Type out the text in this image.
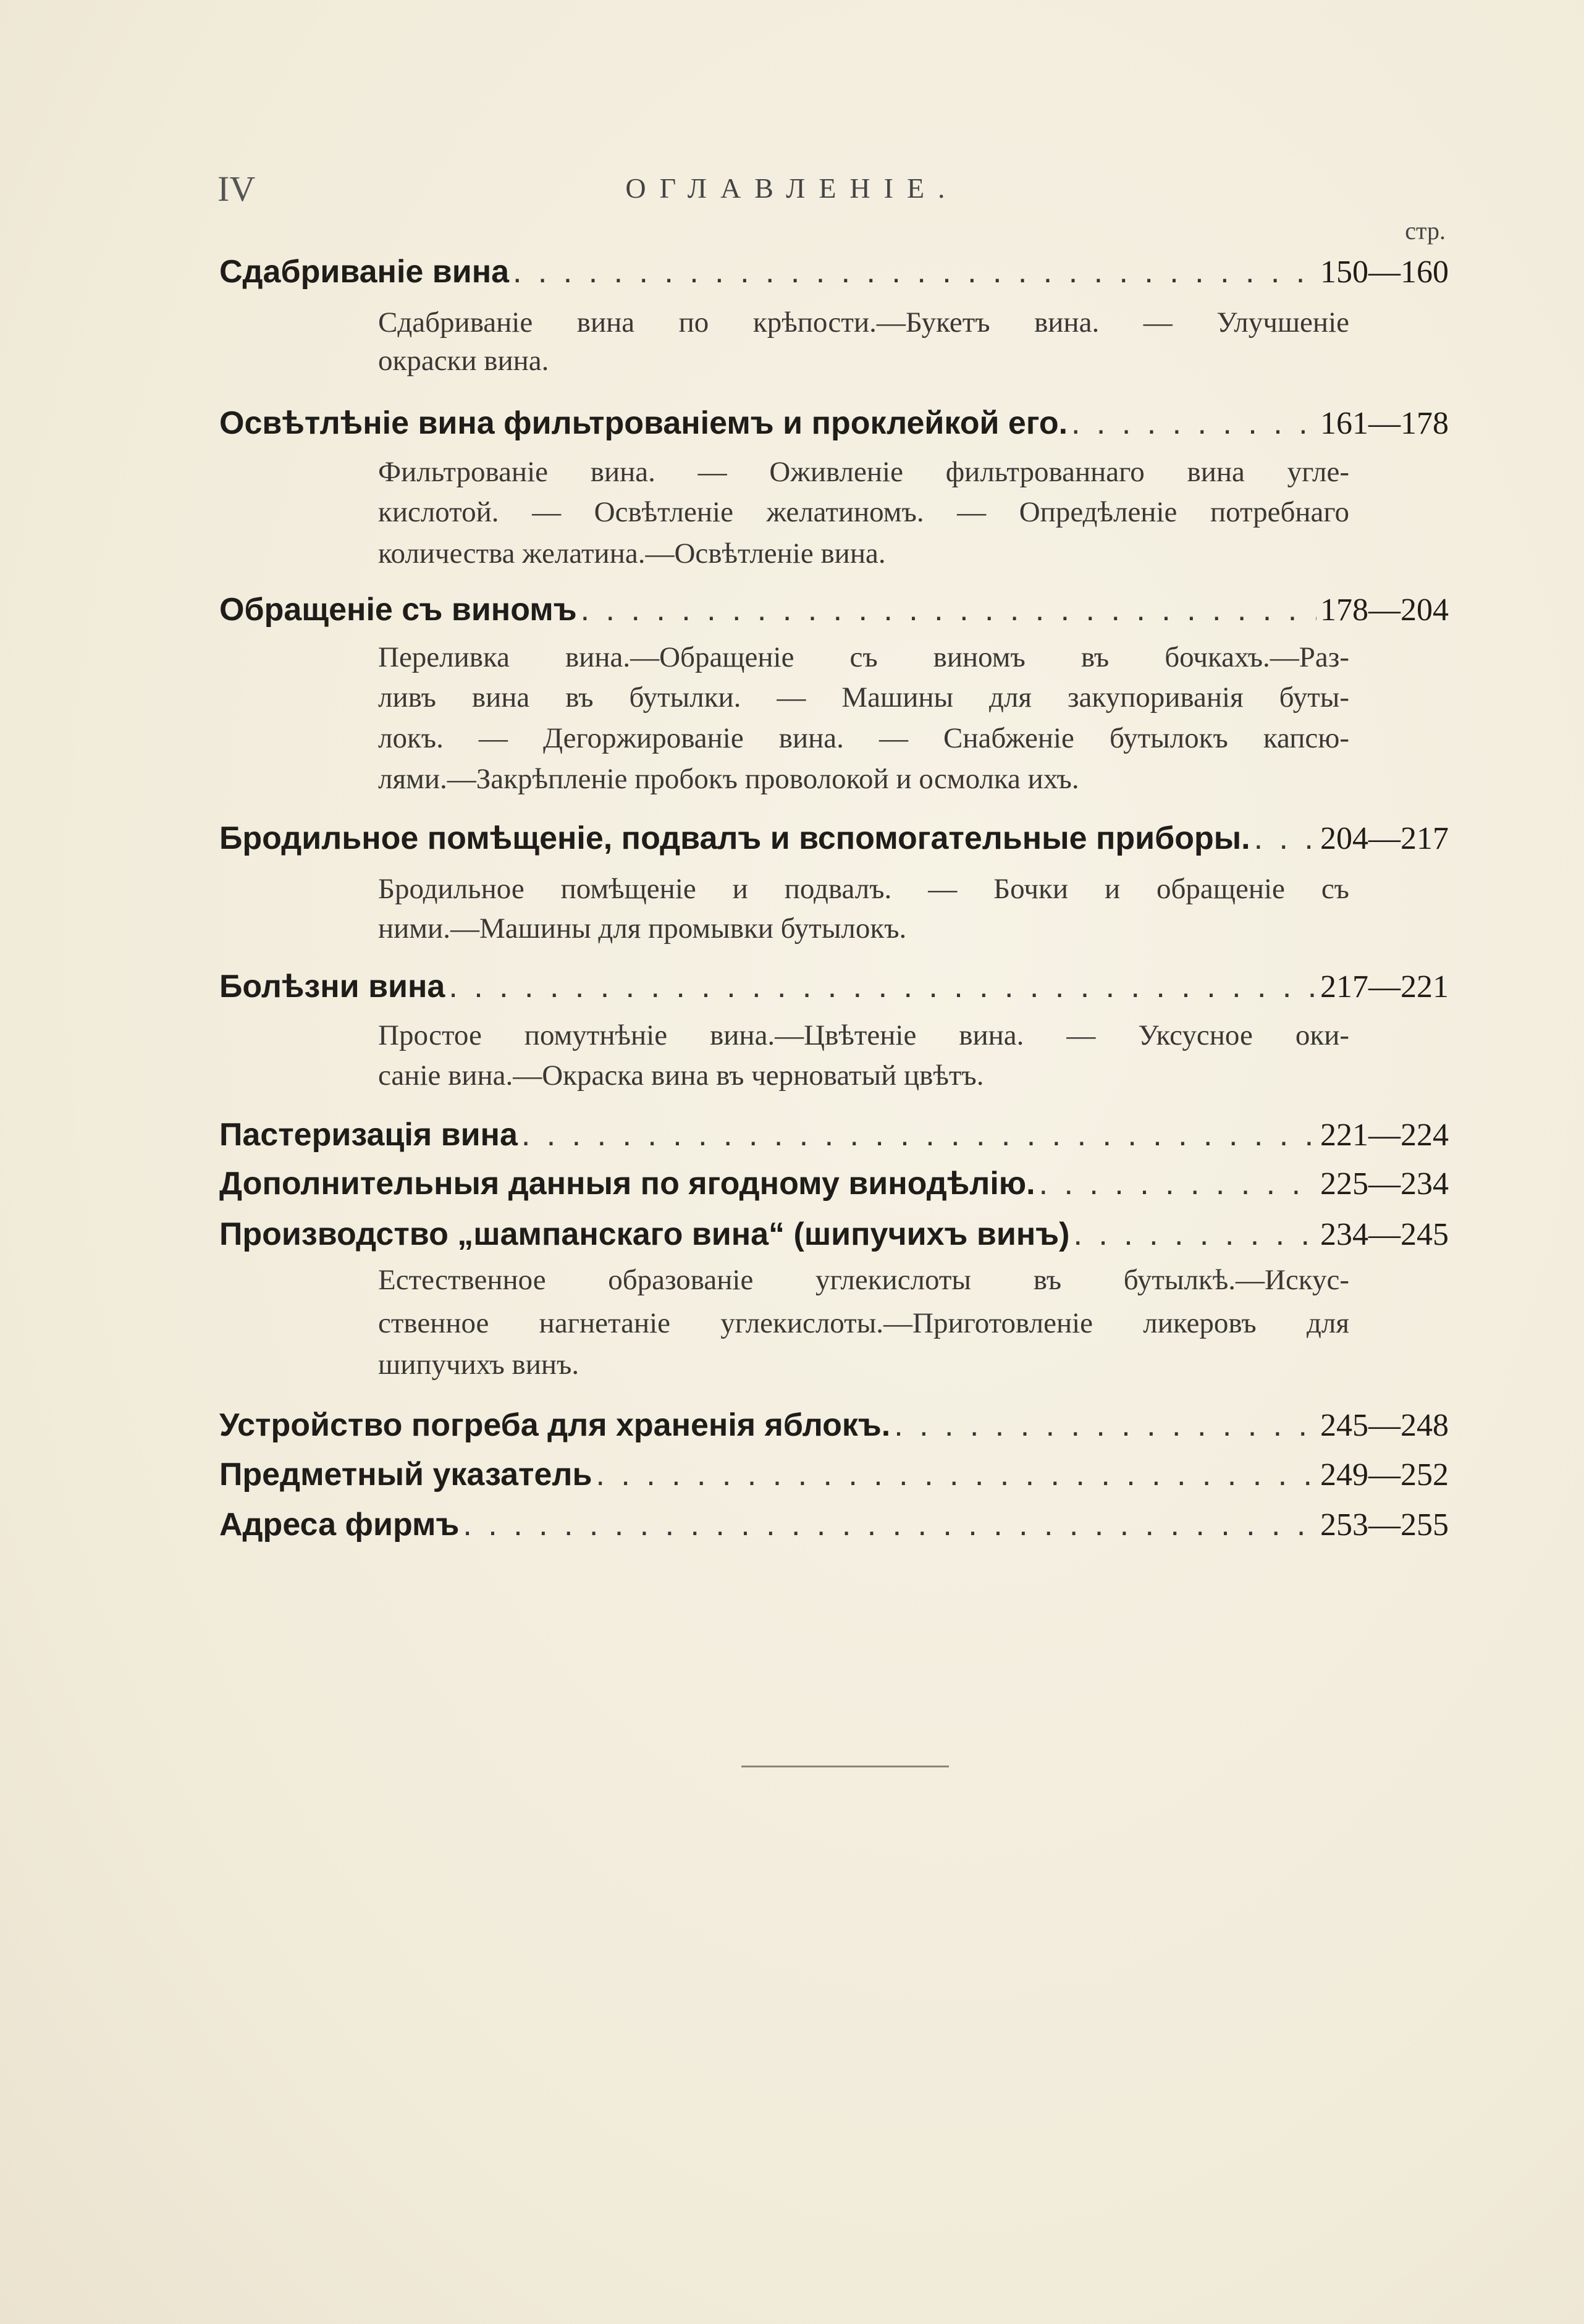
IV	ОГЛАВЛЕНІЕ.
стр.
Сдабриваніе вина . . .	150—160
Сдабриваніе вина по крѣпости.—Букетъ вина. — Улучшеніе
окраски вина.
Освѣтлѣніе вина фильтрованіемъ и проклейкой его. . . .	161—178
Фильтрованіе вина. — Оживленіе фильтрованнаго вина угле-
кислотой. — Освѣтленіе желатиномъ. — Опредѣленіе потребнаго
количества желатина.—Освѣтленіе вина.
Обращеніе съ виномъ . . .	178—204
Переливка вина.—Обращеніе съ виномъ въ бочкахъ.—Раз-
ливъ вина въ бутылки. — Машины для закупориванія буты-
локъ. — Дегоржированіе вина. — Снабженіе бутылокъ капсю-
лями.—Закрѣпленіе пробокъ проволокой и осмолка ихъ.
Бродильное помѣщеніе, подвалъ и вспомогательные приборы. . . . 204—217
Бродильное помѣщеніе и подвалъ. — Бочки и обращеніе съ
ними.—Машины для промывки бутылокъ.
Болѣзни вина . . .	217—221
Простое помутнѣніе вина.—Цвѣтеніе вина. — Уксусное оки-
саніе вина.—Окраска вина въ черноватый цвѣтъ.
Пастеризація вина . . .	221—224
Дополнительныя данныя по ягодному винодѣлію. . . .	225—234
Производство „шампанскаго вина“ (шипучихъ винъ) . . .	234—245
Естественное образованіе углекислоты въ бутылкѣ.—Искус-
ственное нагнетаніе углекислоты.—Приготовленіе ликеровъ для
шипучихъ винъ.
Устройство погреба для храненія яблокъ. . . .	245—248
Предметный указатель . . .	249—252
Адреса фирмъ . . .	253—255
